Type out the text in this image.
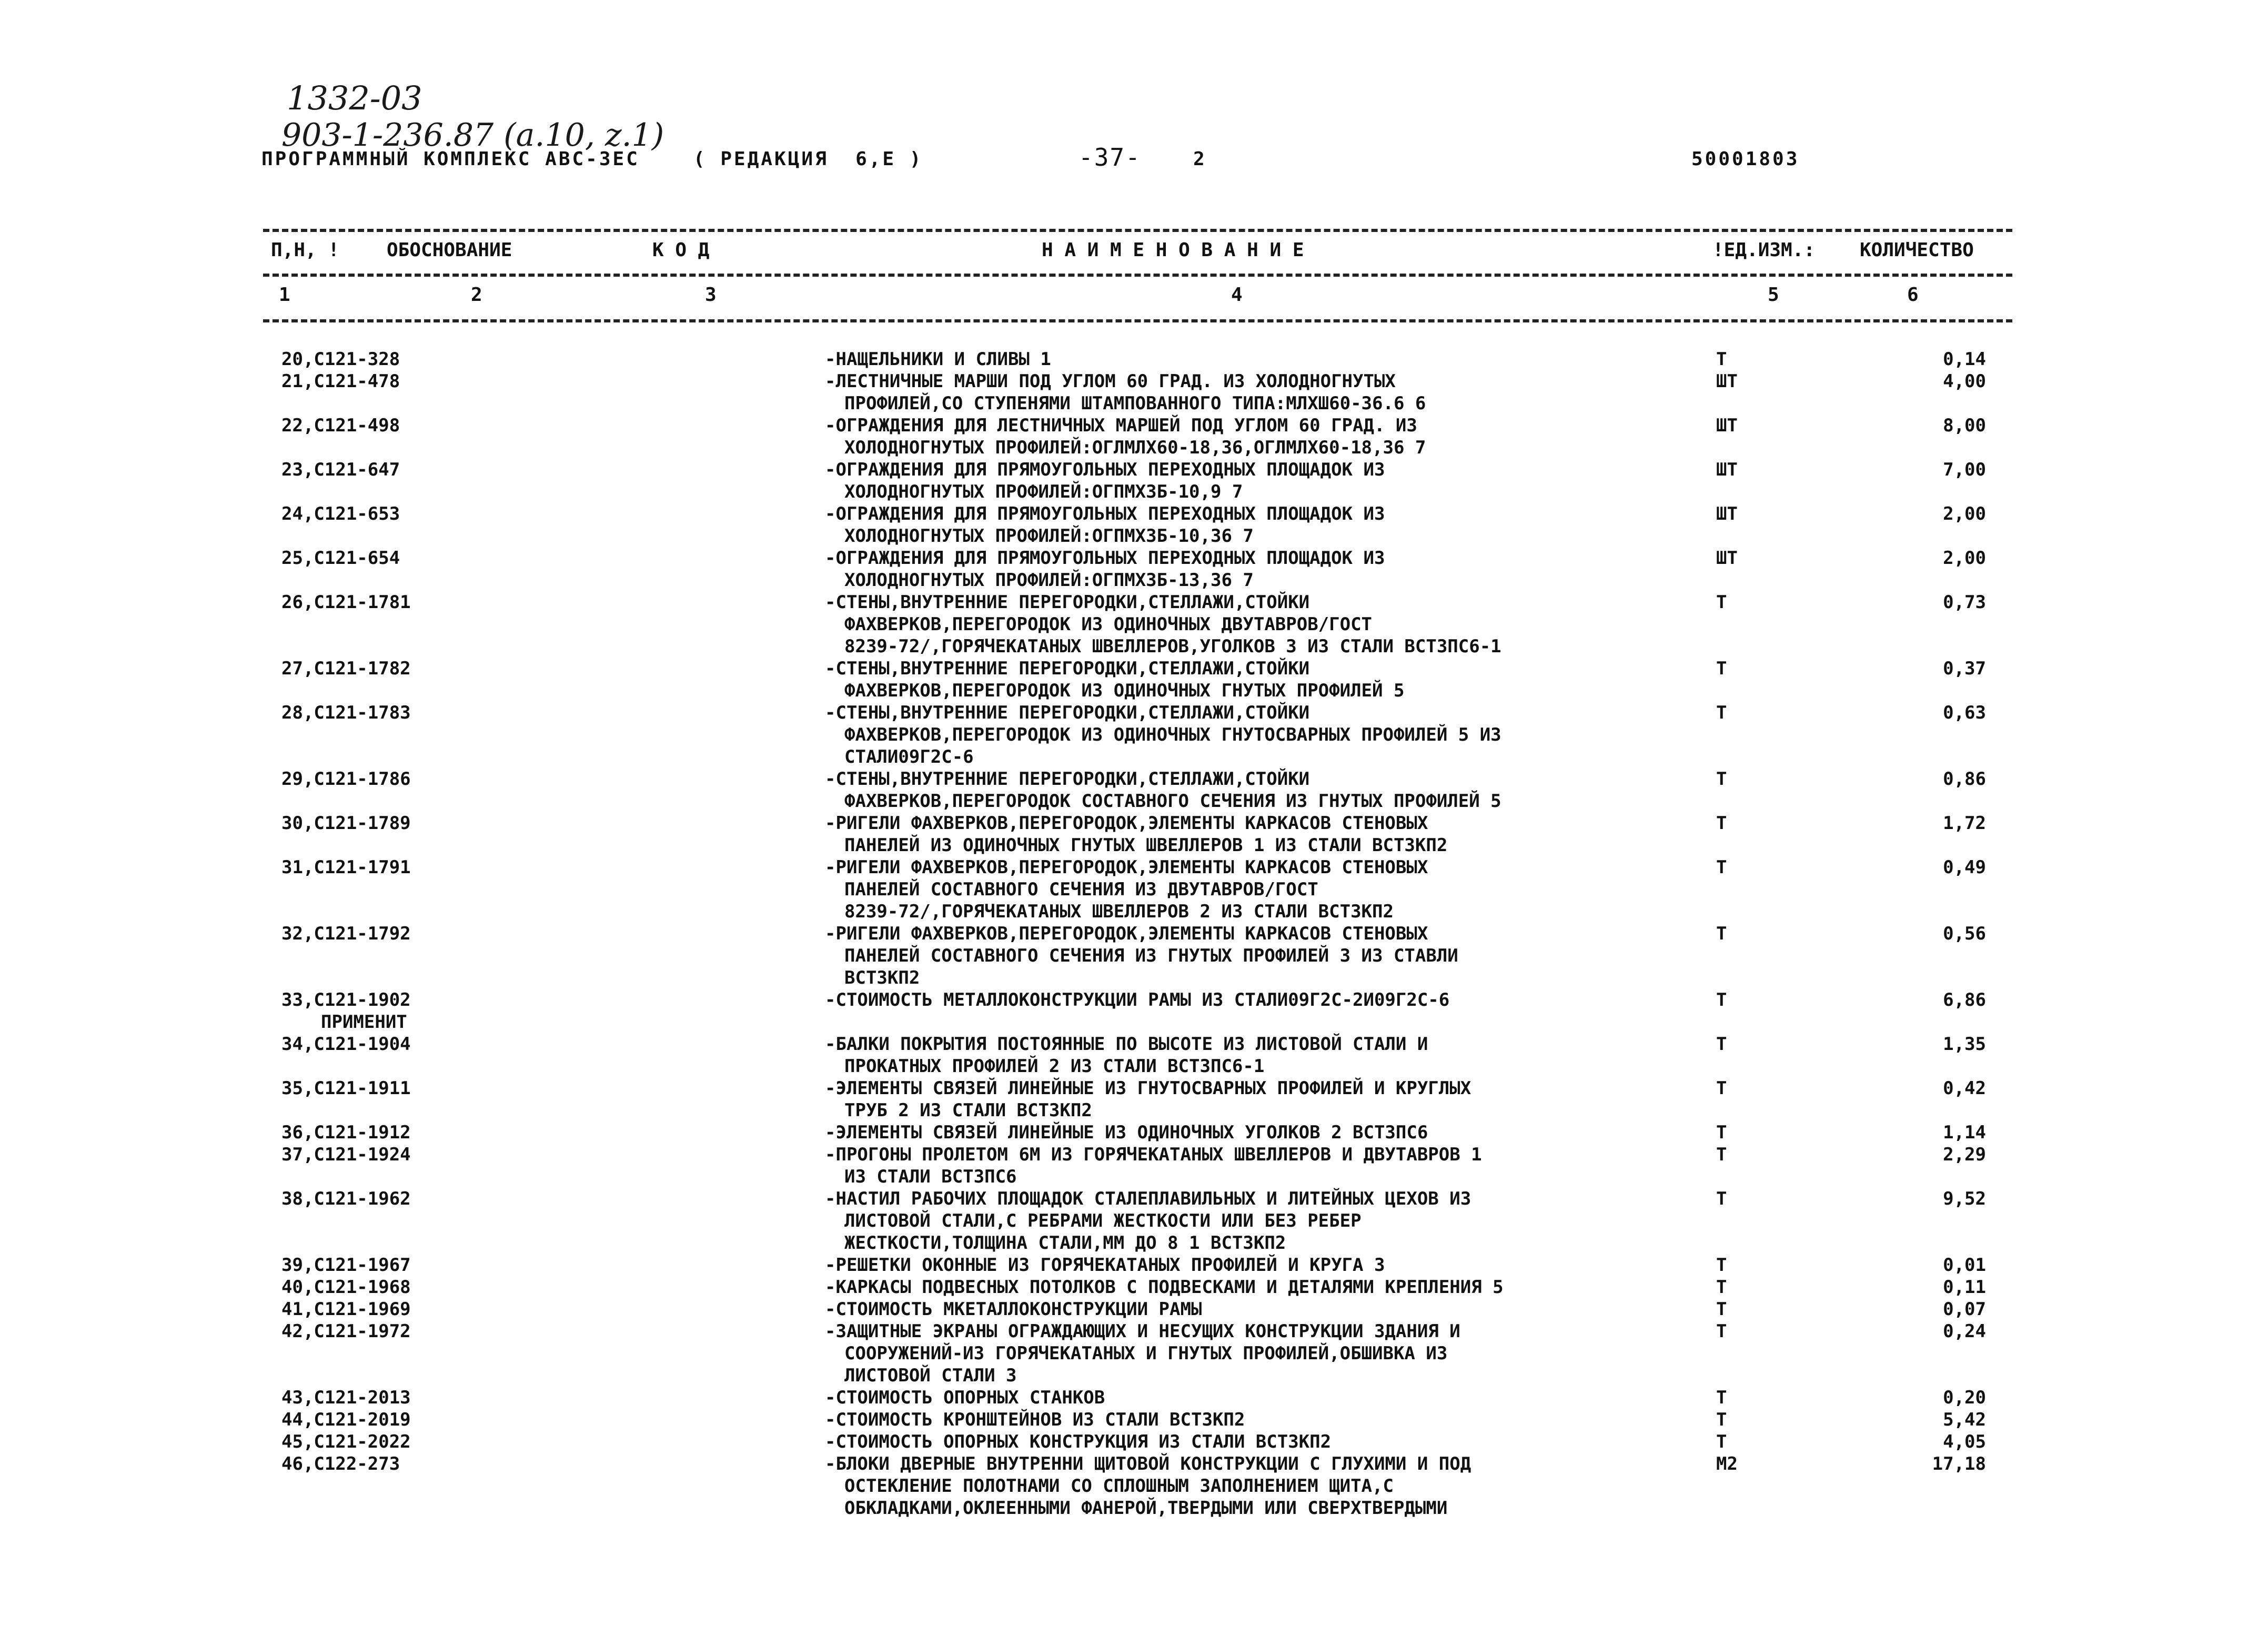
1332-03
903-1-236.87 (a.10, z.1)
ПРОГРАММНЫЙ КОМПЛЕКС АВС-3ЕС	( РЕДАКЦИЯ  6,Е )	-37-	2	50001803
П,Н, ! ОБОСНОВАНИЕ	К О Д	Н А И М Е Н О В А Н И Е	!ЕД.ИЗМ.: КОЛИЧЕСТВО
1	2	3	4	5	6
20,С121-328	-НАЩЕЛЬНИКИ И СЛИВЫ 1	Т	0,14
21,С121-478	-ЛЕСТНИЧНЫЕ МАРШИ ПОД УГЛОМ 60 ГРАД. ИЗ ХОЛОДНОГНУТЫХ
ПРОФИЛЕЙ,СО СТУПЕНЯМИ ШТАМПОВАННОГО ТИПА:МЛХШ60-36.6 6
ШТ	4,00
22,С121-498	-ОГРАЖДЕНИЯ ДЛЯ ЛЕСТНИЧНЫХ МАРШЕЙ ПОД УГЛОМ 60 ГРАД. ИЗ
ХОЛОДНОГНУТЫХ ПРОФИЛЕЙ:ОГЛМЛХ60-18,36,ОГЛМЛХ60-18,36 7
ШТ	8,00
23,С121-647	-ОГРАЖДЕНИЯ ДЛЯ ПРЯМОУГОЛЬНЫХ ПЕРЕХОДНЫХ ПЛОЩАДОК ИЗ
ХОЛОДНОГНУТЫХ ПРОФИЛЕЙ:ОГПМХ3Б-10,9 7
ШТ	7,00
24,С121-653	-ОГРАЖДЕНИЯ ДЛЯ ПРЯМОУГОЛЬНЫХ ПЕРЕХОДНЫХ ПЛОЩАДОК ИЗ
ХОЛОДНОГНУТЫХ ПРОФИЛЕЙ:ОГПМХ3Б-10,36 7
ШТ	2,00
25,С121-654	-ОГРАЖДЕНИЯ ДЛЯ ПРЯМОУГОЛЬНЫХ ПЕРЕХОДНЫХ ПЛОЩАДОК ИЗ
ХОЛОДНОГНУТЫХ ПРОФИЛЕЙ:ОГПМХ3Б-13,36 7
ШТ	2,00
26,С121-1781	-СТЕНЫ,ВНУТРЕННИЕ ПЕРЕГОРОДКИ,СТЕЛЛАЖИ,СТОЙКИ
ФАХВЕРКОВ,ПЕРЕГОРОДОК ИЗ ОДИНОЧНЫХ ДВУТАВРОВ/ГОСТ
8239-72/,ГОРЯЧЕКАТАНЫХ ШВЕЛЛЕРОВ,УГОЛКОВ 3 ИЗ СТАЛИ ВСТ3ПС6-1
Т	0,73
27,С121-1782	-СТЕНЫ,ВНУТРЕННИЕ ПЕРЕГОРОДКИ,СТЕЛЛАЖИ,СТОЙКИ
ФАХВЕРКОВ,ПЕРЕГОРОДОК ИЗ ОДИНОЧНЫХ ГНУТЫХ ПРОФИЛЕЙ 5
Т	0,37
28,С121-1783	-СТЕНЫ,ВНУТРЕННИЕ ПЕРЕГОРОДКИ,СТЕЛЛАЖИ,СТОЙКИ
ФАХВЕРКОВ,ПЕРЕГОРОДОК ИЗ ОДИНОЧНЫХ ГНУТОСВАРНЫХ ПРОФИЛЕЙ 5 ИЗ
СТАЛИ09Г2С-6
Т	0,63
29,С121-1786	-СТЕНЫ,ВНУТРЕННИЕ ПЕРЕГОРОДКИ,СТЕЛЛАЖИ,СТОЙКИ
ФАХВЕРКОВ,ПЕРЕГОРОДОК СОСТАВНОГО СЕЧЕНИЯ ИЗ ГНУТЫХ ПРОФИЛЕЙ 5
Т	0,86
30,С121-1789	-РИГЕЛИ ФАХВЕРКОВ,ПЕРЕГОРОДОК,ЭЛЕМЕНТЫ КАРКАСОВ СТЕНОВЫХ
ПАНЕЛЕЙ ИЗ ОДИНОЧНЫХ ГНУТЫХ ШВЕЛЛЕРОВ 1 ИЗ СТАЛИ ВСТ3КП2
Т	1,72
31,С121-1791	-РИГЕЛИ ФАХВЕРКОВ,ПЕРЕГОРОДОК,ЭЛЕМЕНТЫ КАРКАСОВ СТЕНОВЫХ
ПАНЕЛЕЙ СОСТАВНОГО СЕЧЕНИЯ ИЗ ДВУТАВРОВ/ГОСТ
8239-72/,ГОРЯЧЕКАТАНЫХ ШВЕЛЛЕРОВ 2 ИЗ СТАЛИ ВСТ3КП2
Т	0,49
32,С121-1792	-РИГЕЛИ ФАХВЕРКОВ,ПЕРЕГОРОДОК,ЭЛЕМЕНТЫ КАРКАСОВ СТЕНОВЫХ
ПАНЕЛЕЙ СОСТАВНОГО СЕЧЕНИЯ ИЗ ГНУТЫХ ПРОФИЛЕЙ 3 ИЗ СТАВЛИ
ВСТ3КП2
Т	0,56
33,С121-1902	-СТОИМОСТЬ МЕТАЛЛОКОНСТРУКЦИИ РАМЫ ИЗ СТАЛИ09Г2С-2И09Г2С-6	Т	6,86
ПРИМЕНИТ
34,С121-1904	-БАЛКИ ПОКРЫТИЯ ПОСТОЯННЫЕ ПО ВЫСОТЕ ИЗ ЛИСТОВОЙ СТАЛИ И
ПРОКАТНЫХ ПРОФИЛЕЙ 2 ИЗ СТАЛИ ВСТ3ПС6-1
Т	1,35
35,С121-1911	-ЭЛЕМЕНТЫ СВЯЗЕЙ ЛИНЕЙНЫЕ ИЗ ГНУТОСВАРНЫХ ПРОФИЛЕЙ И КРУГЛЫХ
ТРУБ 2 ИЗ СТАЛИ ВСТ3КП2
Т	0,42
36,С121-1912	-ЭЛЕМЕНТЫ СВЯЗЕЙ ЛИНЕЙНЫЕ ИЗ ОДИНОЧНЫХ УГОЛКОВ 2 ВСТ3ПС6	Т	1,14
37,С121-1924	-ПРОГОНЫ ПРОЛЕТОМ 6М ИЗ ГОРЯЧЕКАТАНЫХ ШВЕЛЛЕРОВ И ДВУТАВРОВ 1
ИЗ СТАЛИ ВСТ3ПС6
Т	2,29
38,С121-1962	-НАСТИЛ РАБОЧИХ ПЛОЩАДОК СТАЛЕПЛАВИЛЬНЫХ И ЛИТЕЙНЫХ ЦЕХОВ ИЗ
ЛИСТОВОЙ СТАЛИ,С РЕБРАМИ ЖЕСТКОСТИ ИЛИ БЕЗ РЕБЕР
ЖЕСТКОСТИ,ТОЛЩИНА СТАЛИ,ММ ДО 8 1 ВСТ3КП2
Т	9,52
39,С121-1967	-РЕШЕТКИ ОКОННЫЕ ИЗ ГОРЯЧЕКАТАНЫХ ПРОФИЛЕЙ И КРУГА 3	Т	0,01
40,С121-1968	-КАРКАСЫ ПОДВЕСНЫХ ПОТОЛКОВ С ПОДВЕСКАМИ И ДЕТАЛЯМИ КРЕПЛЕНИЯ 5	Т	0,11
41,С121-1969	-СТОИМОСТЬ МКЕТАЛЛОКОНСТРУКЦИИ РАМЫ	Т	0,07
42,С121-1972	-ЗАЩИТНЫЕ ЭКРАНЫ ОГРАЖДАЮЩИХ И НЕСУЩИХ КОНСТРУКЦИИ ЗДАНИЯ И
СООРУЖЕНИЙ-ИЗ ГОРЯЧЕКАТАНЫХ И ГНУТЫХ ПРОФИЛЕЙ,ОБШИВКА ИЗ
ЛИСТОВОЙ СТАЛИ 3
Т	0,24
43,С121-2013	-СТОИМОСТЬ ОПОРНЫХ СТАНКОВ	Т	0,20
44,С121-2019	-СТОИМОСТЬ КРОНШТЕЙНОВ ИЗ СТАЛИ ВСТ3КП2	Т	5,42
45,С121-2022	-СТОИМОСТЬ ОПОРНЫХ КОНСТРУКЦИЯ ИЗ СТАЛИ ВСТ3КП2	Т	4,05
46,С122-273	-БЛОКИ ДВЕРНЫЕ ВНУТРЕННИ ЩИТОВОЙ КОНСТРУКЦИИ С ГЛУХИМИ И ПОД
ОСТЕКЛЕНИЕ ПОЛОТНАМИ СО СПЛОШНЫМ ЗАПОЛНЕНИЕМ ЩИТА,С
ОБКЛАДКАМИ,ОКЛЕЕННЫМИ ФАНЕРОЙ,ТВЕРДЫМИ ИЛИ СВЕРХТВЕРДЫМИ
М2	17,18
